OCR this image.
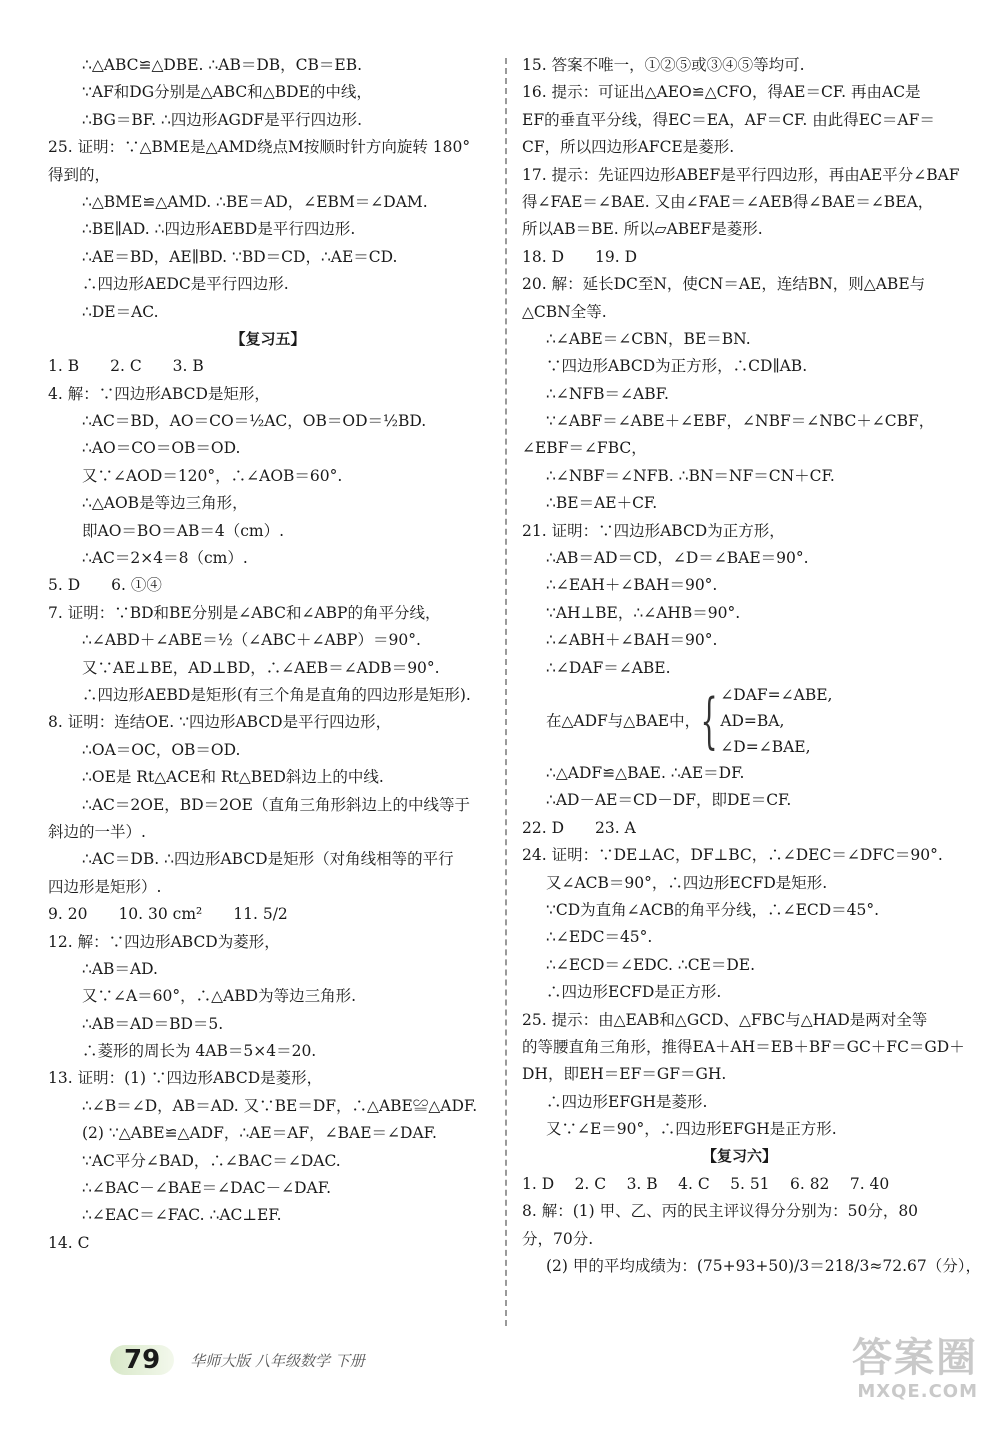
∴△ABC≌△DBE. ∴AB＝DB，CB＝EB.
∵AF和DG分别是△ABC和△BDE的中线，
∴BG＝BF. ∴四边形AGDF是平行四边形.
25. 证明：∵△BME是△AMD绕点M按顺时针方向旋转 180°
得到的，
∴△BME≌△AMD. ∴BE＝AD，∠EBM＝∠DAM.
∴BE∥AD. ∴四边形AEBD是平行四边形.
∴AE＝BD，AE∥BD. ∵BD＝CD，∴AE＝CD.
∴四边形AEDC是平行四边形.
∴DE＝AC.
【复习五】
1. B　　2. C　　3. B
4. 解：∵四边形ABCD是矩形，
∴AC＝BD，AO＝CO＝½AC，OB＝OD＝½BD.
∴AO＝CO＝OB＝OD.
又∵∠AOD＝120°，∴∠AOB＝60°.
∴△AOB是等边三角形，
即AO＝BO＝AB＝4（cm）.
∴AC＝2×4＝8（cm）.
5. D　　6. ①④
7. 证明：∵BD和BE分别是∠ABC和∠ABP的角平分线，
∴∠ABD＋∠ABE＝½（∠ABC＋∠ABP）＝90°.
又∵AE⊥BE，AD⊥BD，∴∠AEB＝∠ADB＝90°.
∴四边形AEBD是矩形(有三个角是直角的四边形是矩形).
8. 证明：连结OE. ∵四边形ABCD是平行四边形，
∴OA＝OC，OB＝OD.
∴OE是 Rt△ACE和 Rt△BED斜边上的中线.
∴AC＝2OE，BD＝2OE（直角三角形斜边上的中线等于
斜边的一半）.
∴AC＝DB. ∴四边形ABCD是矩形（对角线相等的平行
四边形是矩形）.
9. 20　　10. 30 cm²　　11. 5/2
12. 解：∵四边形ABCD为菱形，
∴AB＝AD.
又∵∠A＝60°，∴△ABD为等边三角形.
∴AB＝AD＝BD＝5.
∴菱形的周长为 4AB＝5×4＝20.
13. 证明：(1) ∵四边形ABCD是菱形，
∴∠B＝∠D，AB＝AD. 又∵BE＝DF，∴△ABE≌△ADF.
(2) ∵△ABE≌△ADF，∴AE＝AF，∠BAE＝∠DAF.
∵AC平分∠BAD，∴∠BAC＝∠DAC.
∴∠BAC－∠BAE＝∠DAC－∠DAF.
∴∠EAC＝∠FAC. ∴AC⊥EF.
14. C
15. 答案不唯一，①②⑤或③④⑤等均可.
16. 提示：可证出△AEO≌△CFO，得AE＝CF. 再由AC是
EF的垂直平分线，得EC＝EA，AF＝CF. 由此得EC＝AF＝
CF，所以四边形AFCE是菱形.
17. 提示：先证四边形ABEF是平行四边形，再由AE平分∠BAF
得∠FAE＝∠BAE. 又由∠FAE＝∠AEB得∠BAE＝∠BEA，
所以AB＝BE. 所以▱ABEF是菱形.
18. D　　19. D
20. 解：延长DC至N，使CN＝AE，连结BN，则△ABE与
△CBN全等.
∴∠ABE＝∠CBN，BE＝BN.
∵四边形ABCD为正方形，∴CD∥AB.
∴∠NFB＝∠ABF.
∵∠ABF＝∠ABE＋∠EBF，∠NBF＝∠NBC＋∠CBF，
∠EBF＝∠FBC，
∴∠NBF＝∠NFB. ∴BN＝NF＝CN＋CF.
∴BE＝AE＋CF.
21. 证明：∵四边形ABCD为正方形，
∴AB＝AD＝CD，∠D＝∠BAE＝90°.
∴∠EAH＋∠BAH＝90°.
∵AH⊥BE，∴∠AHB＝90°.
∴∠ABH＋∠BAH＝90°.
∴∠DAF＝∠ABE.
在△ADF与△BAE中， { ∠DAF=∠ABE,
AD=BA,
∠D=∠BAE,
∴△ADF≌△BAE. ∴AE＝DF.
∴AD－AE＝CD－DF，即DE＝CF.
22. D　　23. A
24. 证明：∵DE⊥AC，DF⊥BC，∴∠DEC＝∠DFC＝90°.
又∠ACB＝90°，∴四边形ECFD是矩形.
∵CD为直角∠ACB的角平分线，∴∠ECD＝45°.
∴∠EDC＝45°.
∴∠ECD＝∠EDC. ∴CE＝DE.
∴四边形ECFD是正方形.
25. 提示：由△EAB和△GCD、△FBC与△HAD是两对全等
的等腰直角三角形，推得EA＋AH＝EB＋BF＝GC＋FC＝GD＋
DH，即EH＝EF＝GF＝GH.
∴四边形EFGH是菱形.
又∵∠E＝90°，∴四边形EFGH是正方形.
【复习六】
1. D　 2. C　 3. B　 4. C　 5. 51　 6. 82　 7. 40
8. 解：(1) 甲、乙、丙的民主评议得分分别为：50分，80
分，70分.
(2) 甲的平均成绩为：(75+93+50)/3＝218/3≈72.67（分），
79	华师大版 八年级数学 下册	答案圈
MXQE.COM
